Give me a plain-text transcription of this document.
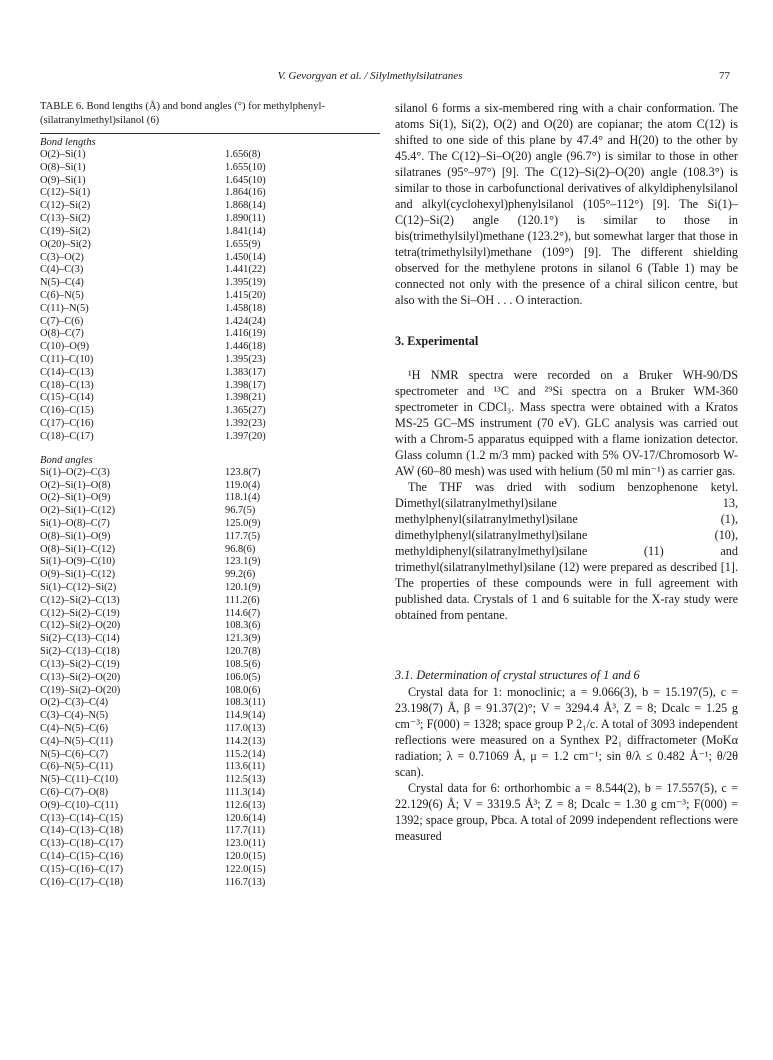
V. Gevorgyan et al. / Silylmethylsilatranes	77
TABLE 6. Bond lengths (Å) and bond angles (°) for methylphenyl-(silatranylmethyl)silanol (6)
Bond lengths
O(2)–Si(1)	1.656(8)
O(8)–Si(1)	1.655(10)
O(9)–Si(1)	1.645(10)
C(12)–Si(1)	1.864(16)
C(12)–Si(2)	1.868(14)
C(13)–Si(2)	1.890(11)
C(19)–Si(2)	1.841(14)
O(20)–Si(2)	1.655(9)
C(3)–O(2)	1.450(14)
C(4)–C(3)	1.441(22)
N(5)–C(4)	1.395(19)
C(6)–N(5)	1.415(20)
C(11)–N(5)	1.458(18)
C(7)–C(6)	1.424(24)
O(8)–C(7)	1.416(19)
C(10)–O(9)	1.446(18)
C(11)–C(10)	1.395(23)
C(14)–C(13)	1.383(17)
C(18)–C(13)	1.398(17)
C(15)–C(14)	1.398(21)
C(16)–C(15)	1.365(27)
C(17)–C(16)	1.392(23)
C(18)–C(17)	1.397(20)
Bond angles
Si(1)–O(2)–C(3)	123.8(7)
O(2)–Si(1)–O(8)	119.0(4)
O(2)–Si(1)–O(9)	118.1(4)
O(2)–Si(1)–C(12)	96.7(5)
Si(1)–O(8)–C(7)	125.0(9)
O(8)–Si(1)–O(9)	117.7(5)
O(8)–Si(1)–C(12)	96.8(6)
Si(1)–O(9)–C(10)	123.1(9)
O(9)–Si(1)–C(12)	99.2(6)
Si(1)–C(12)–Si(2)	120.1(9)
C(12)–Si(2)–C(13)	111.2(6)
C(12)–Si(2)–C(19)	114.6(7)
C(12)–Si(2)–O(20)	108.3(6)
Si(2)–C(13)–C(14)	121.3(9)
Si(2)–C(13)–C(18)	120.7(8)
C(13)–Si(2)–C(19)	108.5(6)
C(13)–Si(2)–O(20)	106.0(5)
C(19)–Si(2)–O(20)	108.0(6)
O(2)–C(3)–C(4)	108.3(11)
C(3)–C(4)–N(5)	114.9(14)
C(4)–N(5)–C(6)	117.0(13)
C(4)–N(5)–C(11)	114.2(13)
N(5)–C(6)–C(7)	115.2(14)
C(6)–N(5)–C(11)	113.6(11)
N(5)–C(11)–C(10)	112.5(13)
C(6)–C(7)–O(8)	111.3(14)
O(9)–C(10)–C(11)	112.6(13)
C(13)–C(14)–C(15)	120.6(14)
C(14)–C(13)–C(18)	117.7(11)
C(13)–C(18)–C(17)	123.0(11)
C(14)–C(15)–C(16)	120.0(15)
C(15)–C(16)–C(17)	122.0(15)
C(16)–C(17)–C(18)	116.7(13)

silanol 6 forms a six-membered ring with a chair conformation. The atoms Si(1), Si(2), O(2) and O(20) are copianar; the atom C(12) is shifted to one side of this plane by 47.4° and H(20) to the other by 45.4°. The C(12)–Si–O(20) angle (96.7°) is similar to those in other silatranes (95°–97°) [9]. The C(12)–Si(2)–O(20) angle (108.3°) is similar to those in carbofunctional derivatives of alkyldiphenylsilanol and alkyl(cyclohexyl)phenylsilanol (105°–112°) [9]. The Si(1)–C(12)–Si(2) angle (120.1°) is similar to those in bis(trimethylsilyl)methane (123.2°), but somewhat larger that those in tetra(trimethylsilyl)methane (109°) [9]. The different shielding observed for the methylene protons in silanol 6 (Table 1) may be connected not only with the presence of a chiral silicon centre, but also with the Si–OH . . . O interaction.

3. Experimental

¹H NMR spectra were recorded on a Bruker WH-90/DS spectrometer and ¹³C and ²⁹Si spectra on a Bruker WM-360 spectrometer in CDCl₃. Mass spectra were obtained with a Kratos MS-25 GC–MS instrument (70 eV). GLC analysis was carried out with a Chrom-5 apparatus equipped with a flame ionization detector. Glass column (1.2 m/3 mm) packed with 5% OV-17/Chromosorb W-AW (60–80 mesh) was used with helium (50 ml min⁻¹) as carrier gas.

The THF was dried with sodium benzophenone ketyl. Dimethyl(silatranylmethyl)silane 13, methylphenyl(silatranylmethyl)silane (1), dimethylphenyl(silatranylmethyl)silane (10), methyldiphenyl(silatranylmethyl)silane (11) and trimethyl(silatranylmethyl)silane (12) were prepared as described [1]. The properties of these compounds were in full agreement with published data. Crystals of 1 and 6 suitable for the X-ray study were obtained from pentane.

3.1. Determination of crystal structures of 1 and 6

Crystal data for 1: monoclinic; a = 9.066(3), b = 15.197(5), c = 23.198(7) Å, β = 91.37(2)°; V = 3294.4 Å³, Z = 8; Dcalc = 1.25 g cm⁻³; F(000) = 1328; space group P 2₁/c. A total of 3093 independent reflections were measured on a Synthex P2₁ diffractometer (MoKα radiation; λ = 0.71069 Å, μ = 1.2 cm⁻¹; sin θ/λ ≤ 0.482 Å⁻¹; θ/2θ scan).

Crystal data for 6: orthorhombic a = 8.544(2), b = 17.557(5), c = 22.129(6) Å; V = 3319.5 Å³; Z = 8; Dcalc = 1.30 g cm⁻³; F(000) = 1392; space group, Pbca. A total of 2099 independent reflections were measured
